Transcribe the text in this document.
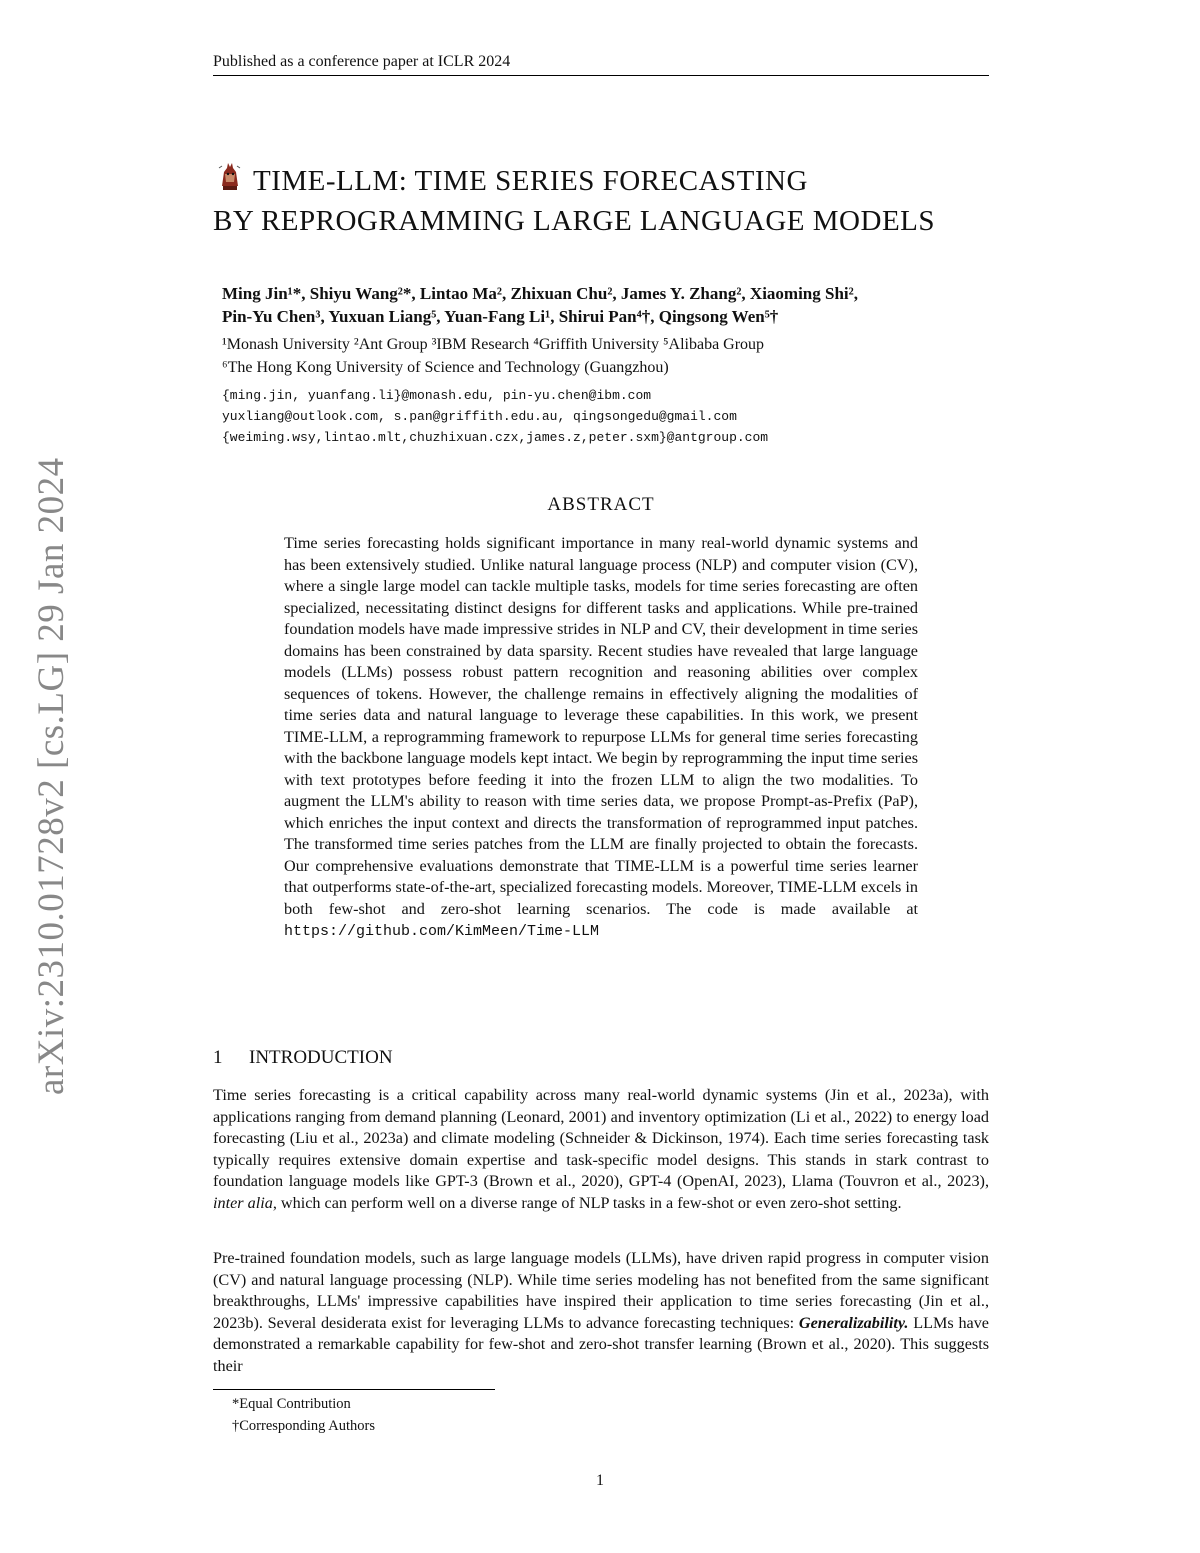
Published as a conference paper at ICLR 2024
arXiv:2310.01728v2 [cs.LG] 29 Jan 2024
TIME-LLM: TIME SERIES FORECASTING
BY REPROGRAMMING LARGE LANGUAGE MODELS
Ming Jin¹*, Shiyu Wang²*, Lintao Ma², Zhixuan Chu², James Y. Zhang², Xiaoming Shi²,
Pin-Yu Chen³, Yuxuan Liang⁵, Yuan-Fang Li¹, Shirui Pan⁴†, Qingsong Wen⁵†
¹Monash University ²Ant Group ³IBM Research ⁴Griffith University ⁵Alibaba Group
⁶The Hong Kong University of Science and Technology (Guangzhou)
{ming.jin, yuanfang.li}@monash.edu, pin-yu.chen@ibm.com
yuxliang@outlook.com, s.pan@griffith.edu.au, qingsongedu@gmail.com
{weiming.wsy,lintao.mlt,chuzhixuan.czx,james.z,peter.sxm}@antgroup.com
ABSTRACT
Time series forecasting holds significant importance in many real-world dynamic systems and has been extensively studied. Unlike natural language process (NLP) and computer vision (CV), where a single large model can tackle multiple tasks, models for time series forecasting are often specialized, necessitating distinct designs for different tasks and applications. While pre-trained foundation models have made impressive strides in NLP and CV, their development in time series domains has been constrained by data sparsity. Recent studies have revealed that large language models (LLMs) possess robust pattern recognition and reasoning abilities over complex sequences of tokens. However, the challenge remains in effectively aligning the modalities of time series data and natural language to leverage these capabilities. In this work, we present TIME-LLM, a reprogramming framework to repurpose LLMs for general time series forecasting with the backbone language models kept intact. We begin by reprogramming the input time series with text prototypes before feeding it into the frozen LLM to align the two modalities. To augment the LLM's ability to reason with time series data, we propose Prompt-as-Prefix (PaP), which enriches the input context and directs the transformation of reprogrammed input patches. The transformed time series patches from the LLM are finally projected to obtain the forecasts. Our comprehensive evaluations demonstrate that TIME-LLM is a powerful time series learner that outperforms state-of-the-art, specialized forecasting models. Moreover, TIME-LLM excels in both few-shot and zero-shot learning scenarios. The code is made available at https://github.com/KimMeen/Time-LLM
1 INTRODUCTION
Time series forecasting is a critical capability across many real-world dynamic systems (Jin et al., 2023a), with applications ranging from demand planning (Leonard, 2001) and inventory optimization (Li et al., 2022) to energy load forecasting (Liu et al., 2023a) and climate modeling (Schneider & Dickinson, 1974). Each time series forecasting task typically requires extensive domain expertise and task-specific model designs. This stands in stark contrast to foundation language models like GPT-3 (Brown et al., 2020), GPT-4 (OpenAI, 2023), Llama (Touvron et al., 2023), inter alia, which can perform well on a diverse range of NLP tasks in a few-shot or even zero-shot setting.
Pre-trained foundation models, such as large language models (LLMs), have driven rapid progress in computer vision (CV) and natural language processing (NLP). While time series modeling has not benefited from the same significant breakthroughs, LLMs' impressive capabilities have inspired their application to time series forecasting (Jin et al., 2023b). Several desiderata exist for leveraging LLMs to advance forecasting techniques: Generalizability. LLMs have demonstrated a remarkable capability for few-shot and zero-shot transfer learning (Brown et al., 2020). This suggests their
*Equal Contribution
†Corresponding Authors
1
